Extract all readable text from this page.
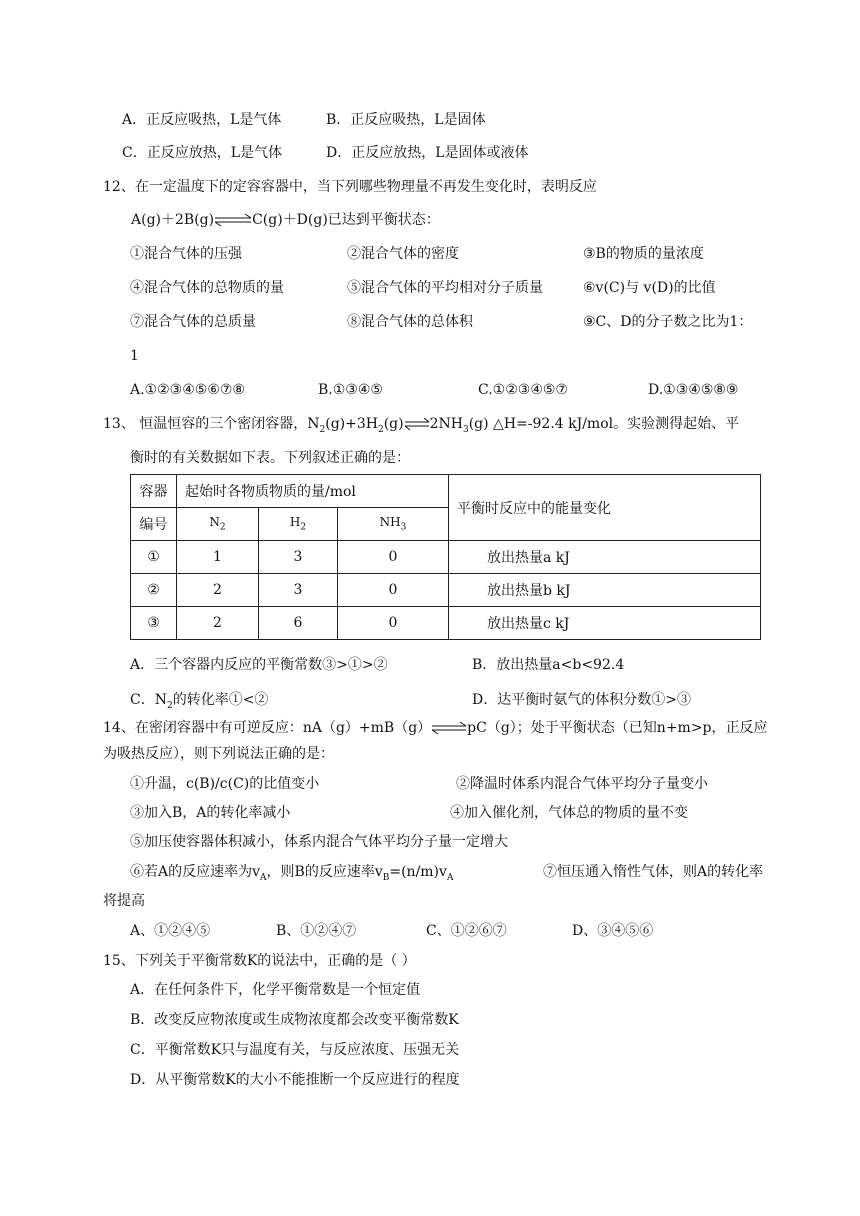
A．正反应吸热，L是气体	B．正反应吸热，L是固体
C．正反应放热，L是气体	D．正反应放热，L是固体或液体
12、在一定温度下的定容容器中，当下列哪些物理量不再发生变化时，表明反应
A(g)＋2B(g)⇌C(g)＋D(g)已达到平衡状态：
①混合气体的压强	②混合气体的密度	③B的物质的量浓度
④混合气体的总物质的量	⑤混合气体的平均相对分子质量	⑥v(C)与 v(D)的比值
⑦混合气体的总质量	⑧混合气体的总体积	⑨C、D的分子数之比为1：
1
A.①②③④⑤⑥⑦⑧	B.①③④⑤	C.①②③④⑤⑦	D.①③④⑤⑧⑨
13、 恒温恒容的三个密闭容器，$N_2(g)+3H_2(g)\rightleftharpoons 2NH_3(g)$ △H=-92.4 kJ/mol。实验测得起始、平
衡时的有关数据如下表。下列叙述正确的是：
容器	起始时各物质物质的量/mol			平衡时反应中的能量变化
编号	$N_2$	$H_2$	$NH_3$
①	1	3	0	放出热量a kJ
②	2	3	0	放出热量b kJ
③	2	6	0	放出热量c kJ
A．三个容器内反应的平衡常数③>①>②	B．放出热量a<b<92.4
C．$N_2$的转化率①<②	D．达平衡时氨气的体积分数①>③
14、在密闭容器中有可逆反应：nA（g）+mB（g）⇌pC（g）；处于平衡状态（已知n+m>p，正反应
为吸热反应），则下列说法正确的是：
①升温，c(B)/c(C)的比值变小	②降温时体系内混合气体平均分子量变小
③加入B，A的转化率减小	④加入催化剂，气体总的物质的量不变
⑤加压使容器体积减小，体系内混合气体平均分子量一定增大
⑥若A的反应速率为$v_A$，则B的反应速率$v_B=(n/m)v_A$	⑦恒压通入惰性气体，则A的转化率
将提高
A、①②④⑤	B、①②④⑦	C、①②⑥⑦	D、③④⑤⑥
15、下列关于平衡常数K的说法中，正确的是（ ）
A．在任何条件下，化学平衡常数是一个恒定值
B．改变反应物浓度或生成物浓度都会改变平衡常数K
C．平衡常数K只与温度有关，与反应浓度、压强无关
D．从平衡常数K的大小不能推断一个反应进行的程度
